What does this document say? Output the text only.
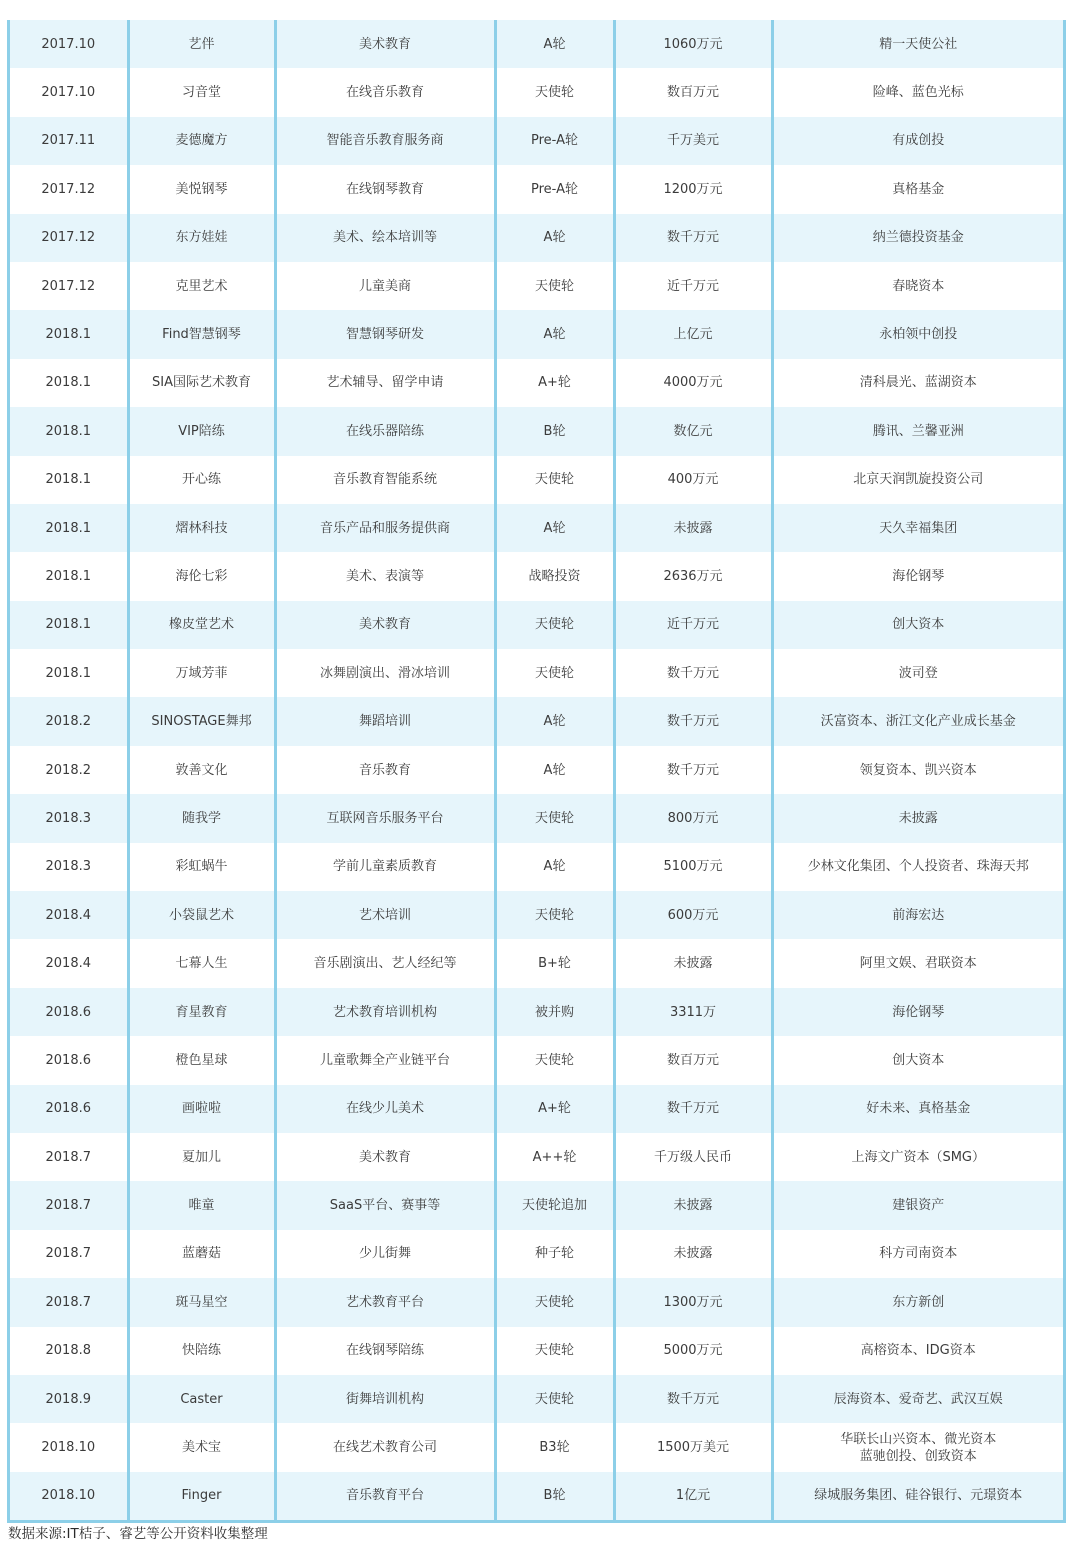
2017.10	艺伴	美术教育	A轮	1060万元	精一天使公社
2017.10	习音堂	在线音乐教育	天使轮	数百万元	险峰、蓝色光标
2017.11	麦德魔方	智能音乐教育服务商	Pre-A轮	千万美元	有成创投
2017.12	美悦钢琴	在线钢琴教育	Pre-A轮	1200万元	真格基金
2017.12	东方娃娃	美术、绘本培训等	A轮	数千万元	纳兰德投资基金
2017.12	克里艺术	儿童美商	天使轮	近千万元	春晓资本
2018.1	Find智慧钢琴	智慧钢琴研发	A轮	上亿元	永柏领中创投
2018.1	SIA国际艺术教育	艺术辅导、留学申请	A+轮	4000万元	清科晨光、蓝湖资本
2018.1	VIP陪练	在线乐器陪练	B轮	数亿元	腾讯、兰馨亚洲
2018.1	开心练	音乐教育智能系统	天使轮	400万元	北京天润凯旋投资公司
2018.1	熠林科技	音乐产品和服务提供商	A轮	未披露	天久幸福集团
2018.1	海伦七彩	美术、表演等	战略投资	2636万元	海伦钢琴
2018.1	橡皮堂艺术	美术教育	天使轮	近千万元	创大资本
2018.1	万域芳菲	冰舞剧演出、滑冰培训	天使轮	数千万元	波司登
2018.2	SINOSTAGE舞邦	舞蹈培训	A轮	数千万元	沃富资本、浙江文化产业成长基金
2018.2	敦善文化	音乐教育	A轮	数千万元	领复资本、凯兴资本
2018.3	随我学	互联网音乐服务平台	天使轮	800万元	未披露
2018.3	彩虹蜗牛	学前儿童素质教育	A轮	5100万元	少林文化集团、个人投资者、珠海天邦
2018.4	小袋鼠艺术	艺术培训	天使轮	600万元	前海宏达
2018.4	七幕人生	音乐剧演出、艺人经纪等	B+轮	未披露	阿里文娱、君联资本
2018.6	育星教育	艺术教育培训机构	被并购	3311万	海伦钢琴
2018.6	橙色星球	儿童歌舞全产业链平台	天使轮	数百万元	创大资本
2018.6	画啦啦	在线少儿美术	A+轮	数千万元	好未来、真格基金
2018.7	夏加儿	美术教育	A++轮	千万级人民币	上海文广资本（SMG）
2018.7	唯童	SaaS平台、赛事等	天使轮追加	未披露	建银资产
2018.7	蓝蘑菇	少儿街舞	种子轮	未披露	科方司南资本
2018.7	斑马星空	艺术教育平台	天使轮	1300万元	东方新创
2018.8	快陪练	在线钢琴陪练	天使轮	5000万元	高榕资本、IDG资本
2018.9	Caster	街舞培训机构	天使轮	数千万元	辰海资本、爱奇艺、武汉互娱
2018.10	美术宝	在线艺术教育公司	B3轮	1500万美元	华联长山兴资本、微光资本
蓝驰创投、创致资本
2018.10	Finger	音乐教育平台	B轮	1亿元	绿城服务集团、硅谷银行、元璟资本
数据来源:IT桔子、睿艺等公开资料收集整理
